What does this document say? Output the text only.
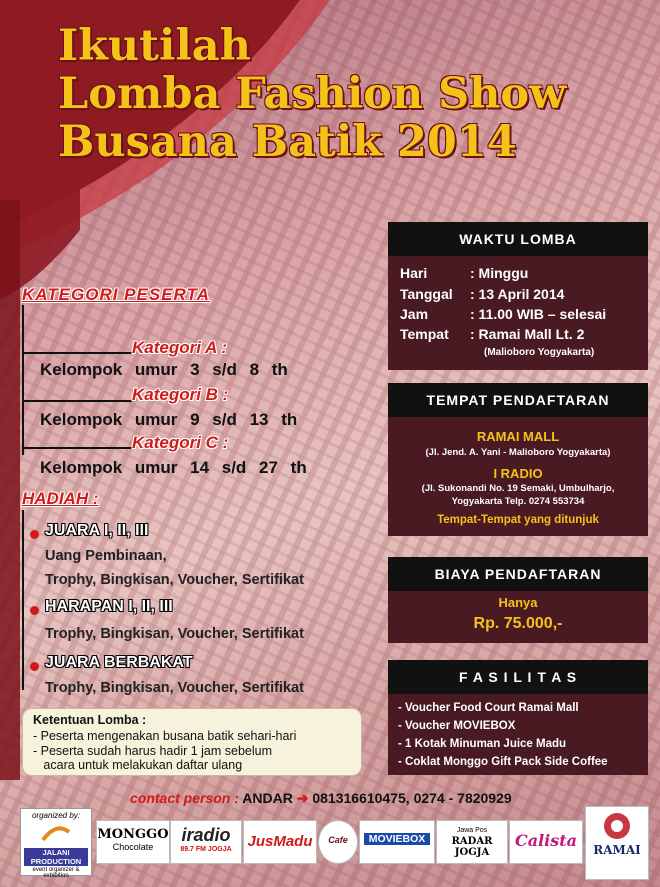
Ikutilah
Lomba Fashion Show
Busana Batik 2014
KATEGORI PESERTA
Kategori A :
Kelompok umur 3 s/d 8 th
Kategori B :
Kelompok umur 9 s/d 13 th
Kategori C :
Kelompok umur 14 s/d 27 th
HADIAH :
JUARA I, II, III
Uang Pembinaan,
Trophy, Bingkisan, Voucher, Sertifikat
HARAPAN I, II, III
Trophy, Bingkisan, Voucher, Sertifikat
JUARA BERBAKAT
Trophy, Bingkisan, Voucher, Sertifikat
Ketentuan Lomba :
- Peserta mengenakan busana batik sehari-hari
- Peserta sudah harus hadir 1 jam sebelum
acara untuk melakukan daftar ulang
WAKTU LOMBA
Hari	: Minggu
Tanggal : 13 April 2014
Jam	: 11.00 WIB – selesai
Tempat : Ramai Mall Lt. 2
(Malioboro Yogyakarta)
TEMPAT PENDAFTARAN
RAMAI MALL
(Jl. Jend. A. Yani - Malioboro Yogyakarta)
I RADIO
(Jl. Sukonandi No. 19 Semaki, Umbulharjo,
Yogyakarta Telp. 0274 553734
Tempat-Tempat yang ditunjuk
BIAYA PENDAFTARAN
Hanya
Rp. 75.000,-
F A S I L I T A S
- Voucher Food Court Ramai Mall
- Voucher MOVIEBOX
- 1 Kotak Minuman Juice Madu
- Coklat Monggo Gift Pack Side Coffee
contact person : ANDAR ➜ 081316610475, 0274 - 7820929
organized by:
JALANI PRODUCTION
event organizer & exhibition
MONGGO
Chocolate
iradio
89.7 FM JOGJA	JusMadu	Cafe	MOVIEBOX
Jawa Pos
RADAR JOGJA
Calista	RAMAI
